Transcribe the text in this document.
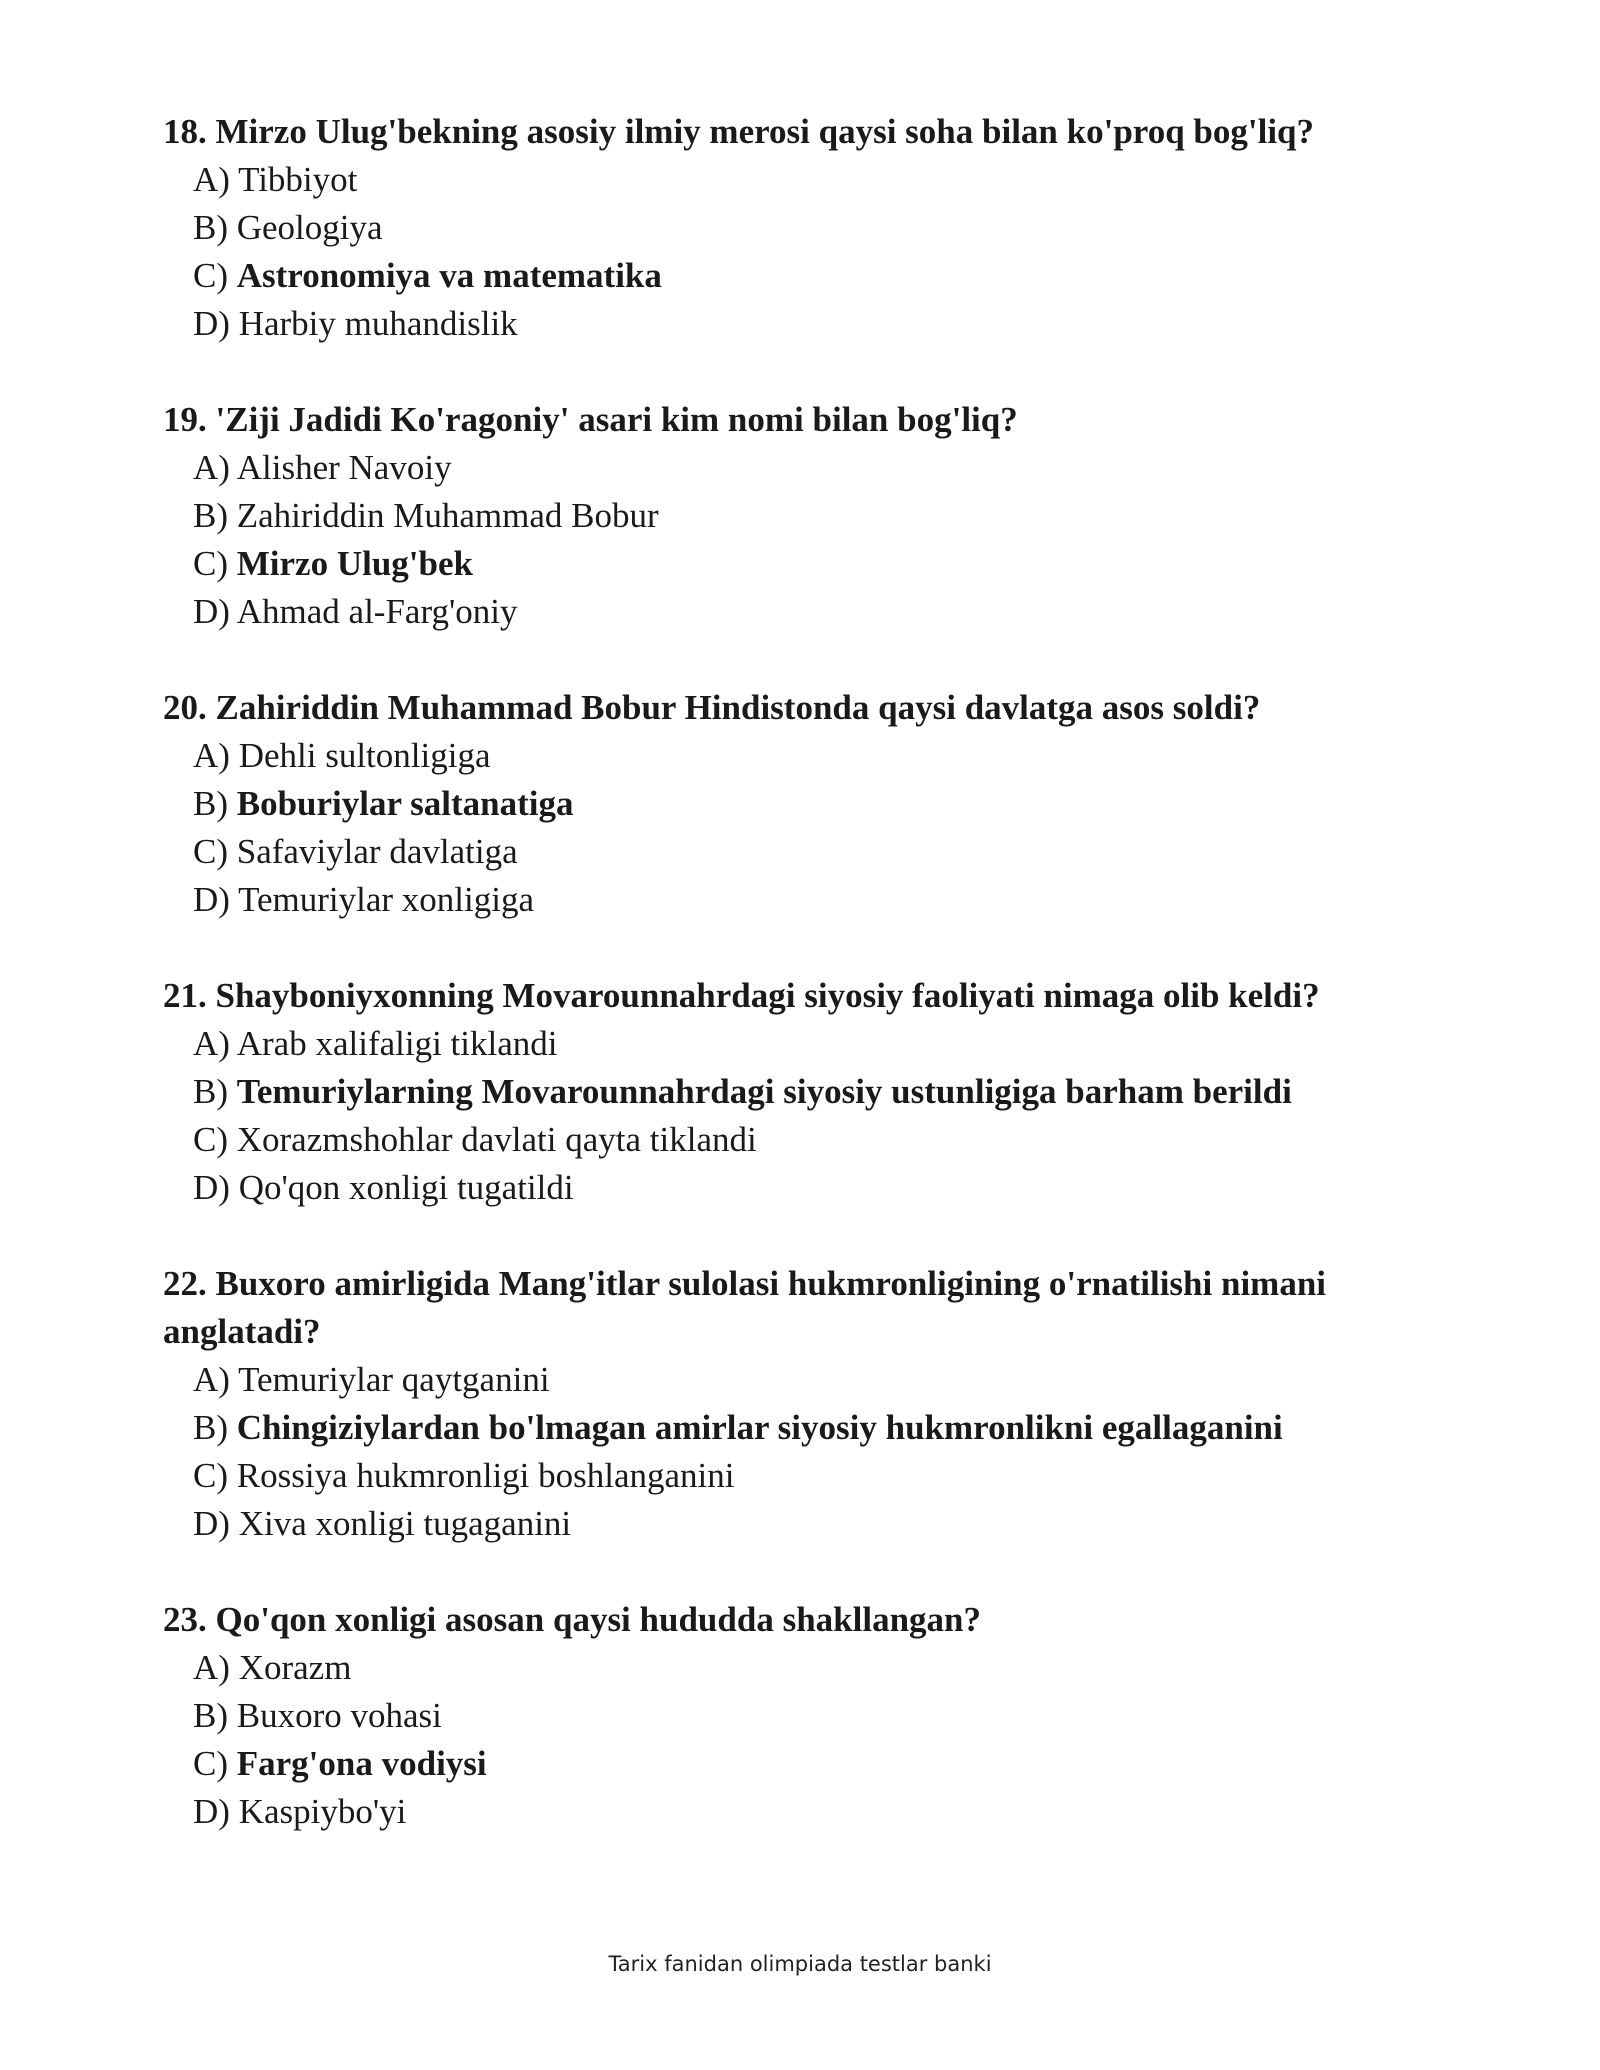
18. Mirzo Ulug'bekning asosiy ilmiy merosi qaysi soha bilan ko'proq bog'liq?

A) Tibbiyot
B) Geologiya
C) Astronomiya va matematika
D) Harbiy muhandislik

19. 'Ziji Jadidi Ko'ragoniy' asari kim nomi bilan bog'liq?

A) Alisher Navoiy
B) Zahiriddin Muhammad Bobur
C) Mirzo Ulug'bek
D) Ahmad al-Farg'oniy

20. Zahiriddin Muhammad Bobur Hindistonda qaysi davlatga asos soldi?

A) Dehli sultonligiga
B) Boburiylar saltanatiga
C) Safaviylar davlatiga
D) Temuriylar xonligiga

21. Shayboniyxonning Movarounnahrdagi siyosiy faoliyati nimaga olib keldi?

A) Arab xalifaligi tiklandi
B) Temuriylarning Movarounnahrdagi siyosiy ustunligiga barham berildi
C) Xorazmshohlar davlati qayta tiklandi
D) Qo'qon xonligi tugatildi

22. Buxoro amirligida Mang'itlar sulolasi hukmronligining o'rnatilishi nimani anglatadi?

A) Temuriylar qaytganini
B) Chingiziylardan bo'lmagan amirlar siyosiy hukmronlikni egallaganini
C) Rossiya hukmronligi boshlanganini
D) Xiva xonligi tugaganini

23. Qo'qon xonligi asosan qaysi hududda shakllangan?

A) Xorazm
B) Buxoro vohasi
C) Farg'ona vodiysi
D) Kaspiybo'yi
Tarix fanidan olimpiada testlar banki
